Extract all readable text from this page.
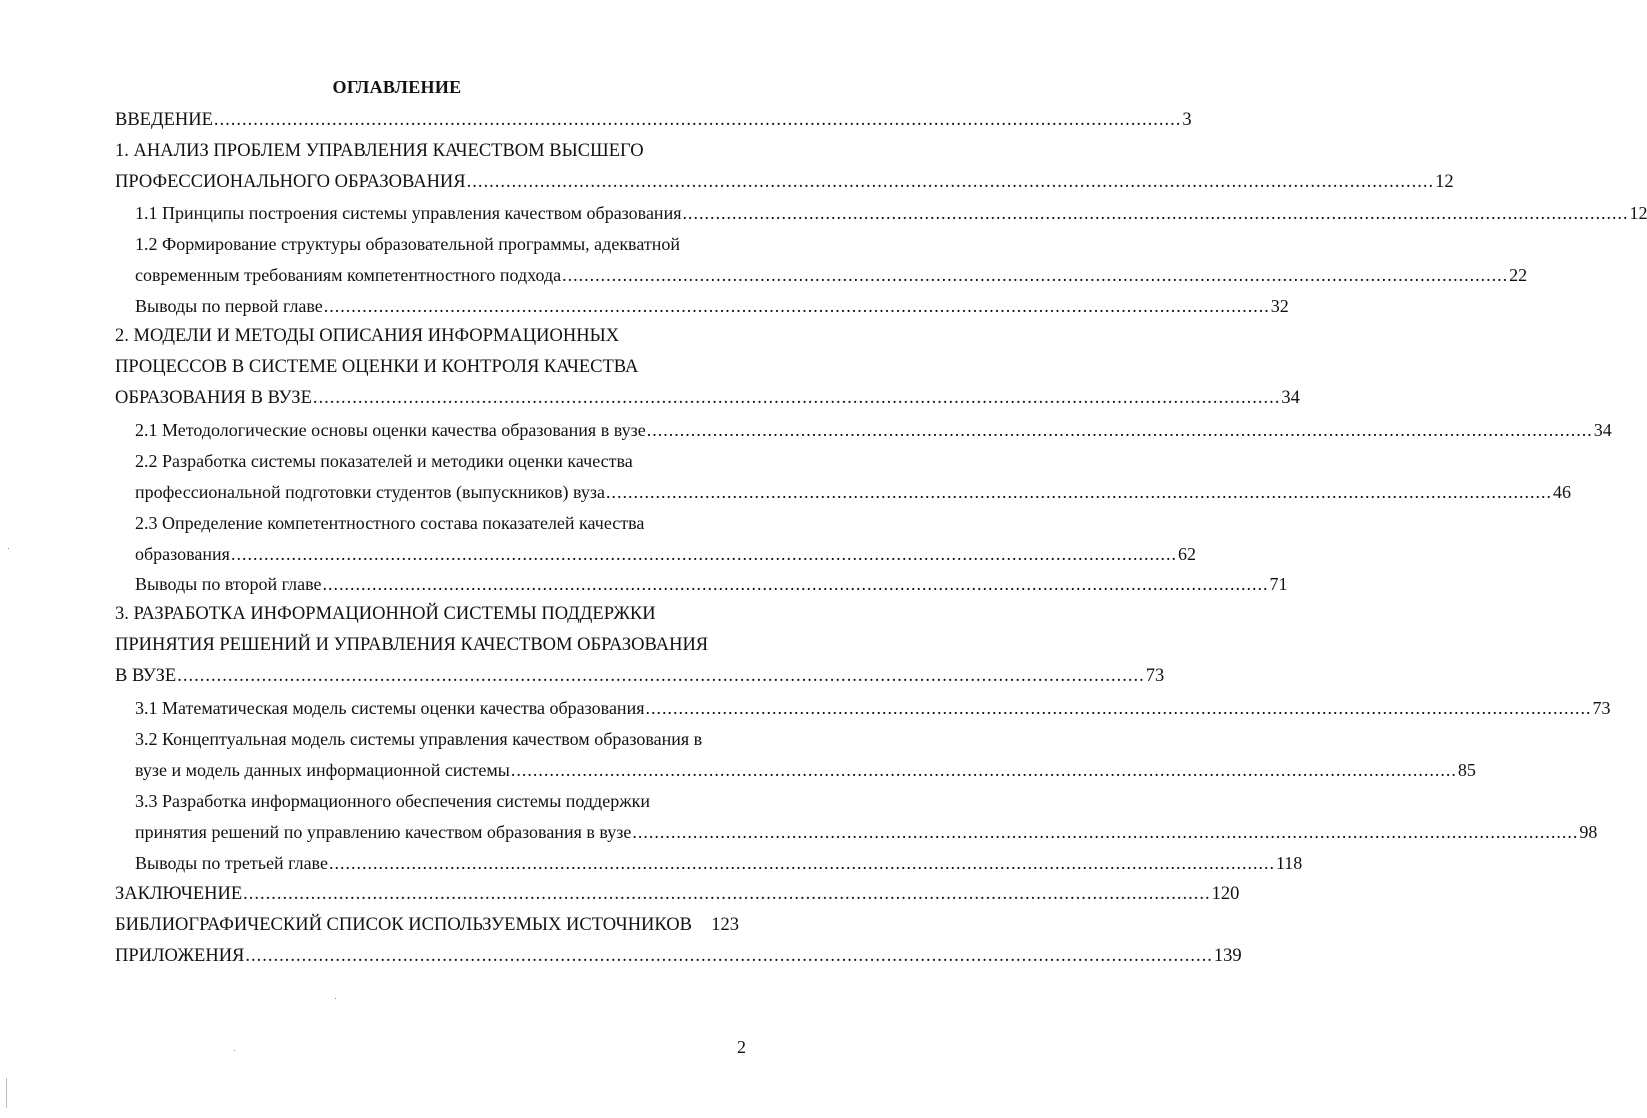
ОГЛАВЛЕНИЕ
ВВЕДЕНИЕ ............................................................................................................................................................................ 3
1. АНАЛИЗ ПРОБЛЕМ УПРАВЛЕНИЯ КАЧЕСТВОМ ВЫСШЕГО
ПРОФЕССИОНАЛЬНОГО ОБРАЗОВАНИЯ ............................................................................................................................................................................ 12
1.1 Принципы построения системы управления качеством образования ............................................................................................................................................................................ 12
1.2 Формирование структуры образовательной программы, адекватной
современным требованиям компетентностного подхода ............................................................................................................................................................................ 22
Выводы по первой главе ............................................................................................................................................................................ 32
2. МОДЕЛИ И МЕТОДЫ ОПИСАНИЯ ИНФОРМАЦИОННЫХ
ПРОЦЕССОВ В СИСТЕМЕ ОЦЕНКИ И КОНТРОЛЯ КАЧЕСТВА
ОБРАЗОВАНИЯ В ВУЗЕ ............................................................................................................................................................................ 34
2.1 Методологические основы оценки качества образования в вузе ............................................................................................................................................................................ 34
2.2 Разработка системы показателей и методики оценки качества
профессиональной подготовки студентов (выпускников) вуза ............................................................................................................................................................................ 46
2.3 Определение компетентностного состава показателей качества
образования ............................................................................................................................................................................ 62
Выводы по второй главе ............................................................................................................................................................................ 71
3. РАЗРАБОТКА ИНФОРМАЦИОННОЙ СИСТЕМЫ ПОДДЕРЖКИ
ПРИНЯТИЯ РЕШЕНИЙ И УПРАВЛЕНИЯ КАЧЕСТВОМ ОБРАЗОВАНИЯ
В ВУЗЕ ............................................................................................................................................................................ 73
3.1 Математическая модель системы оценки качества образования ............................................................................................................................................................................ 73
3.2 Концептуальная модель системы управления качеством образования в
вузе и модель данных информационной системы ............................................................................................................................................................................ 85
3.3 Разработка информационного обеспечения системы поддержки
принятия решений по управлению качеством образования в вузе ............................................................................................................................................................................ 98
Выводы по третьей главе ............................................................................................................................................................................ 118
ЗАКЛЮЧЕНИЕ ............................................................................................................................................................................ 120
БИБЛИОГРАФИЧЕСКИЙ СПИСОК ИСПОЛЬЗУЕМЫХ ИСТОЧНИКОВ 123
ПРИЛОЖЕНИЯ ............................................................................................................................................................................ 139
2
